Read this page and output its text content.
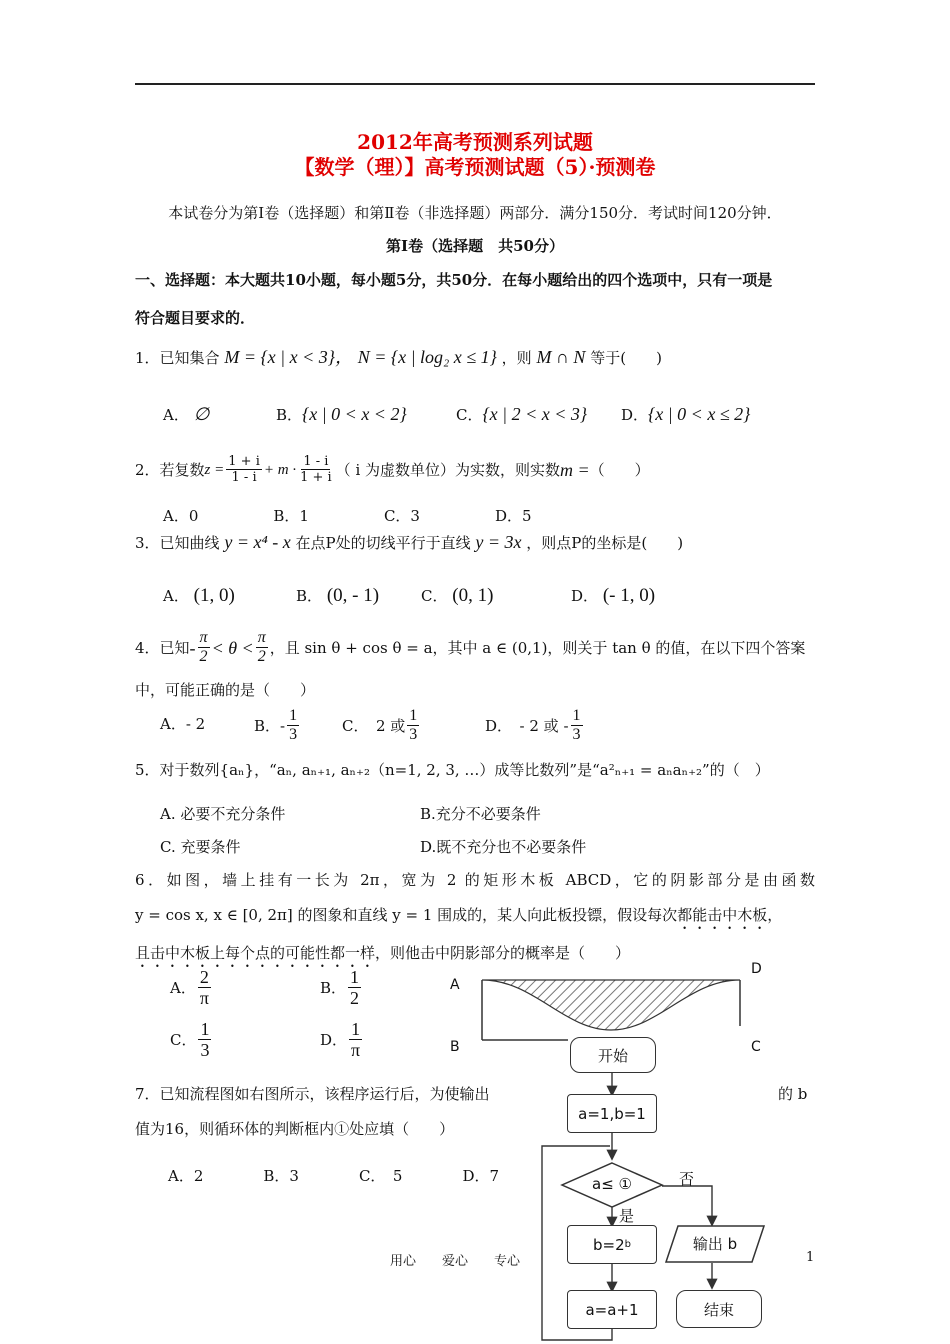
2012年高考预测系列试题
【数学（理）】高考预测试题（5）·预测卷
本试卷分为第Ⅰ卷（选择题）和第Ⅱ卷（非选择题）两部分．满分150分．考试时间120分钟．
第Ⅰ卷（选择题　共50分）
一、选择题：本大题共10小题，每小题5分，共50分．在每小题给出的四个选项中，只有一项是
符合题目要求的．
1．已知集合 M = {x | x < 3}， N = {x | log₂ x ≤ 1} ，则 M ∩ N 等于(　　)
A． ∅	B．{x | 0 < x < 2}	C．{x | 2 < x < 3} D．{x | 0 < x ≤ 2}
2．若复数 $z = \frac{1 + i}{1 - i} + m \cdot \frac{1 - i}{1 + i}$ （ i 为虚数单位）为实数，则实数 m = （　　）
A．0　　　　　B．1　　　　　C．3　　　　　D．5
3．已知曲线 y = x⁴ - x 在点P处的切线平行于直线 y = 3x ，则点P的坐标是(　　)
A． (1, 0)	B． (0, - 1)	C． (0, 1)	D． (- 1, 0)
4．已知 - $\frac{\pi}{2} < \theta < \frac{\pi}{2}$ ，且 sin θ + cos θ = a，其中 a ∈ (0,1)，则关于 tan θ 的值，在以下四个答案
中，可能正确的是（　　）
A．- 2	B．- $\frac{1}{3}$	C．　2 或 $\frac{1}{3}$	D．　- 2 或 - $\frac{1}{3}$
5．对于数列{aₙ}，“aₙ, aₙ₊₁, aₙ₊₂（n=1, 2, 3, …）成等比数列”是“a²ₙ₊₁ = aₙaₙ₊₂”的（　）
A. 必要不充分条件	B.充分不必要条件
C. 充要条件	D.既不充分也不必要条件
6．如图，墙上挂有一长为 2π，宽为 2 的矩形木板 ABCD，它的阴影部分是由函数
y = cos x, x ∈ [0, 2π] 的图象和直线 y = 1 围成的，某人向此板投镖，假设每次都能击中木板，
且击中木板上每个点的可能性都一样，则他击中阴影部分的概率是（　　）
A． $\frac{2}{\pi}$	B． $\frac{1}{2}$
C． $\frac{1}{3}$	D． $\frac{1}{\pi}$
A
B	C
D
7．已知流程图如右图所示，该程序运行后，为使输出	的 b
值为16，则循环体的判断框内①处应填（　　）
A．2　　　　B．3　　　　C．　5　　　　D．7
开始
a=1,b=1
a≤ ①	否
是
b=2 b	输出 b
a=a+1	结束
用心　　爱心　　专心	1
